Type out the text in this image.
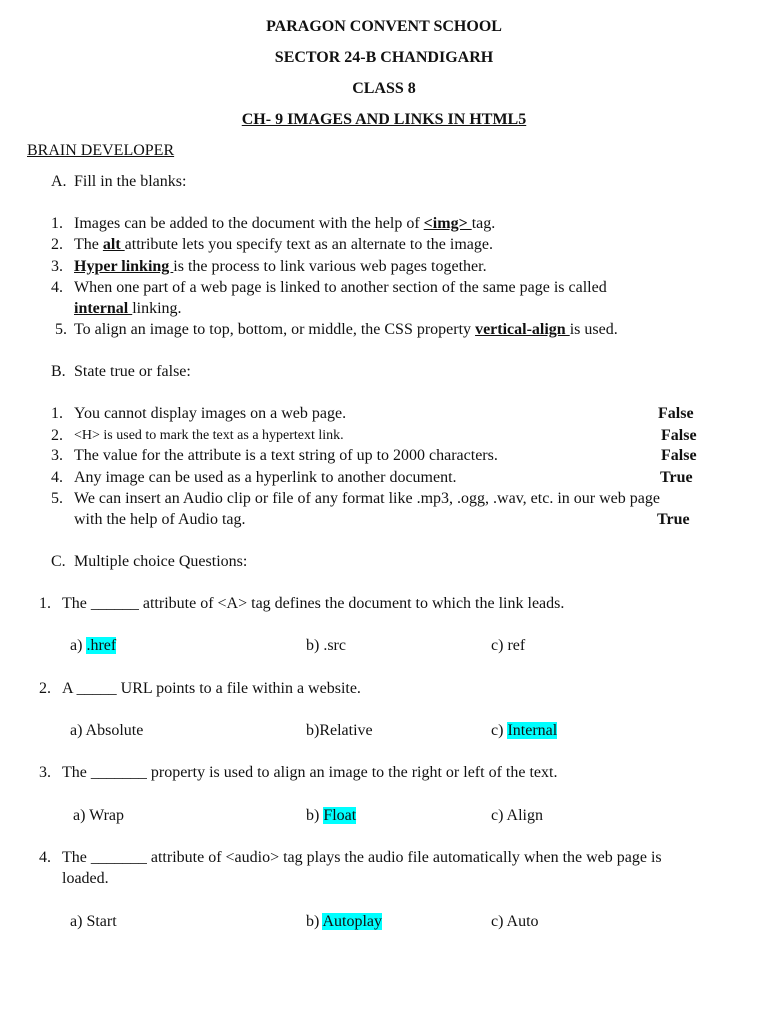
PARAGON CONVENT SCHOOL
SECTOR 24-B CHANDIGARH
CLASS 8
CH- 9 IMAGES AND LINKS IN HTML5
BRAIN DEVELOPER
A. Fill in the blanks:
1. Images can be added to the document with the help of <img> tag.
2. The alt attribute lets you specify text as an alternate to the image.
3. Hyper linking is the process to link various web pages together.
4. When one part of a web page is linked to another section of the same page is called
internal linking.
5. To align an image to top, bottom, or middle, the CSS property vertical-align is used.
B. State true or false:
1. You cannot display images on a web page.	False
2. <H> is used to mark the text as a hypertext link.	False
3. The value for the attribute is a text string of up to 2000 characters.	False
4. Any image can be used as a hyperlink to another document.	True
5. We can insert an Audio clip or file of any format like .mp3, .ogg, .wav, etc. in our web page
with the help of Audio tag.	True
C. Multiple choice Questions:
1. The ______ attribute of <A> tag defines the document to which the link leads.
a) .href	b) .src	c) ref
2. A _____ URL points to a file within a website.
a) Absolute	b)Relative	c) Internal
3. The _______ property is used to align an image to the right or left of the text.
a) Wrap	b) Float	c) Align
4. The _______ attribute of <audio> tag plays the audio file automatically when the web page is
loaded.
a) Start	b) Autoplay	c) Auto
